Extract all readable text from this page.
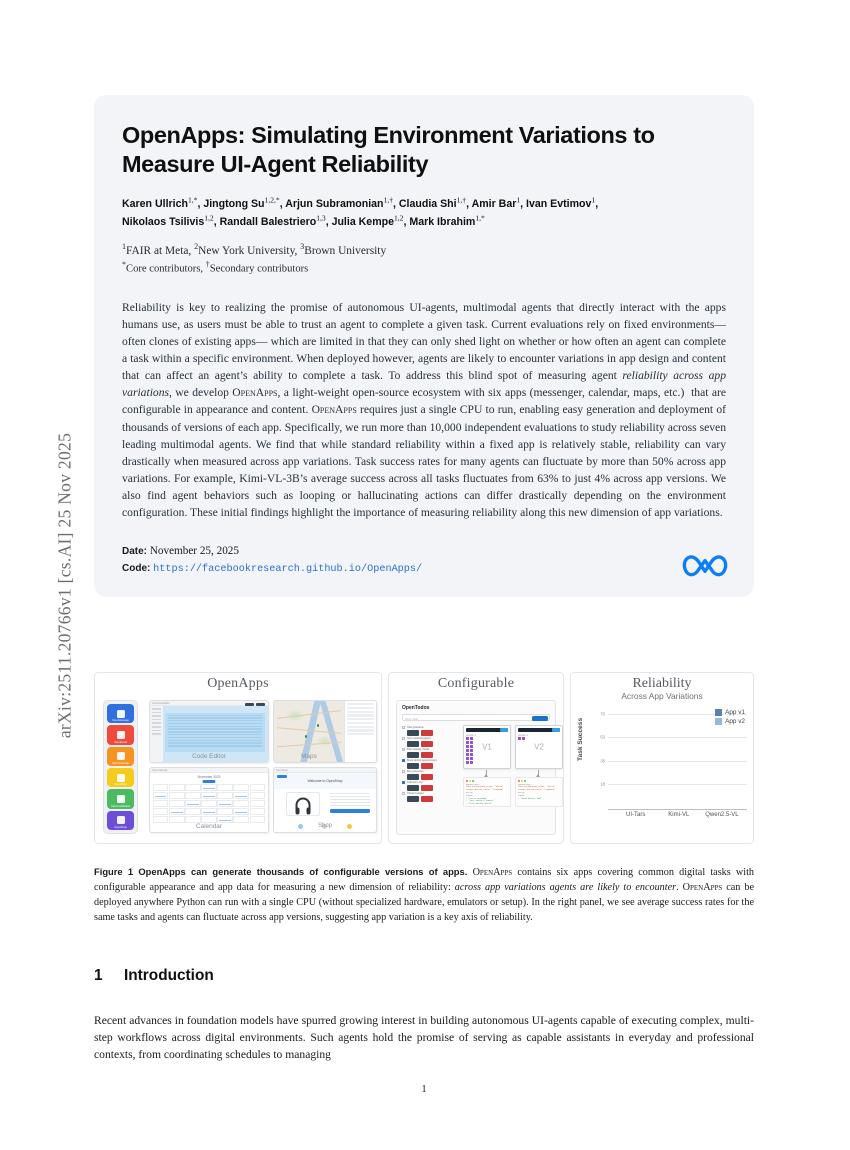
arXiv:2511.20766v1 [cs.AI] 25 Nov 2025
OpenApps: Simulating Environment Variations to Measure UI-Agent Reliability

Karen Ullrich$^{1,*}$, Jingtong $Su^{1,2,*}$, Arjun Subramonian$^{1,\dagger}$, Claudia Shi$^{1,\dagger}$, Amir Bar$^1$, Ivan Evtimov$^1$,

Nikolaos Tsilivis$^{1,2}$, Randall Balestriero$^{1,3}$, Julia Kempe$^{1,2}$, Mark Ibrahim$^{1,*}$

$^1$FAIR at Meta, $^2$New York University, $^3$Brown University

*Core contributors, †Secondary contributors

Reliability is key to realizing the promise of autonomous UI-agents, multimodal agents that directly interact with the apps humans use, as users must be able to trust an agent to complete a given task. Current evaluations rely on fixed environments—often clones of existing apps— which are limited in that they can only shed light on whether or how often an agent can complete a task within a specific environment. When deployed however, agents are likely to encounter variations in app design and content that can affect an agent’s ability to complete a task. To address this blind spot of measuring agent reliability across app variations, we develop OpenApps, a light-weight open-source ecosystem with six apps (messenger, calendar, maps, etc.)  that are configurable in appearance and content. OpenApps requires just a single CPU to run, enabling easy generation and deployment of thousands of versions of each app. Specifically, we run more than 10,000 independent evaluations to study reliability across seven leading multimodal agents. We find that while standard reliability within a fixed app is relatively stable, reliability can vary drastically when measured across app variations. Task success rates for many agents can fluctuate by more than 50% across app variations. For example, Kimi-VL-3B’s average success across all tasks fluctuates from 63% to just 4% across app versions. We also find agent behaviors such as looping or hallucinating actions can differ drastically depending on the environment configuration. These initial findings highlight the importance of measuring reliability along this new dimension of app variations.

Date: November 25, 2025
Code: https://facebookresearch.github.io/OpenApps/
OpenApps
OpenMessage
OpenEmail
OpenCalendar
OpenMaps
OpenCodeEditor
OpenShop
OpenCodeEditor
Code Editor	Maps
OpenCalendar
November 2025
Calendar
OpenShop
Welcome to OpenShop
Shop
Configurable
OpenTodos
New Task
Visit grandma
Sort medical papers
Plan weekly meals
Book doctor appointment
Buy groceries
Call Aunt Joy
Check budget
Version 1
V1
Version 2
V2
appearance:
form_background_color: "white"
remove_button_color: "#FF0000"
entry:
todos:
- "Visit Grandma"
- "Sort Medical Papers"
- "Plan Weekly Meals"
...
appearance:
form_background_color: "white"
remove_button_color: "#0000FF"
entry:
todos:
- "Read before bed"
Reliability
Across App Variations
Task Success
18
35
53
70
UI-Tars	Kimi-VL	Qwen2.5-VL
App v1
App v2

Figure 1 OpenApps can generate thousands of configurable versions of apps. OpenApps contains six apps covering common digital tasks with configurable appearance and app data for measuring a new dimension of reliability: across app variations agents are likely to encounter. OpenApps can be deployed anywhere Python can run with a single CPU (without specialized hardware, emulators or setup). In the right panel, we see average success rates for the same tasks and agents can fluctuate across app versions, suggesting app variation is a key axis of reliability.

1 Introduction

Recent advances in foundation models have spurred growing interest in building autonomous UI-agents capable of executing complex, multi-step workflows across digital environments. Such agents hold the promise of serving as capable assistants in everyday and professional contexts, from coordinating schedules to managing

1
